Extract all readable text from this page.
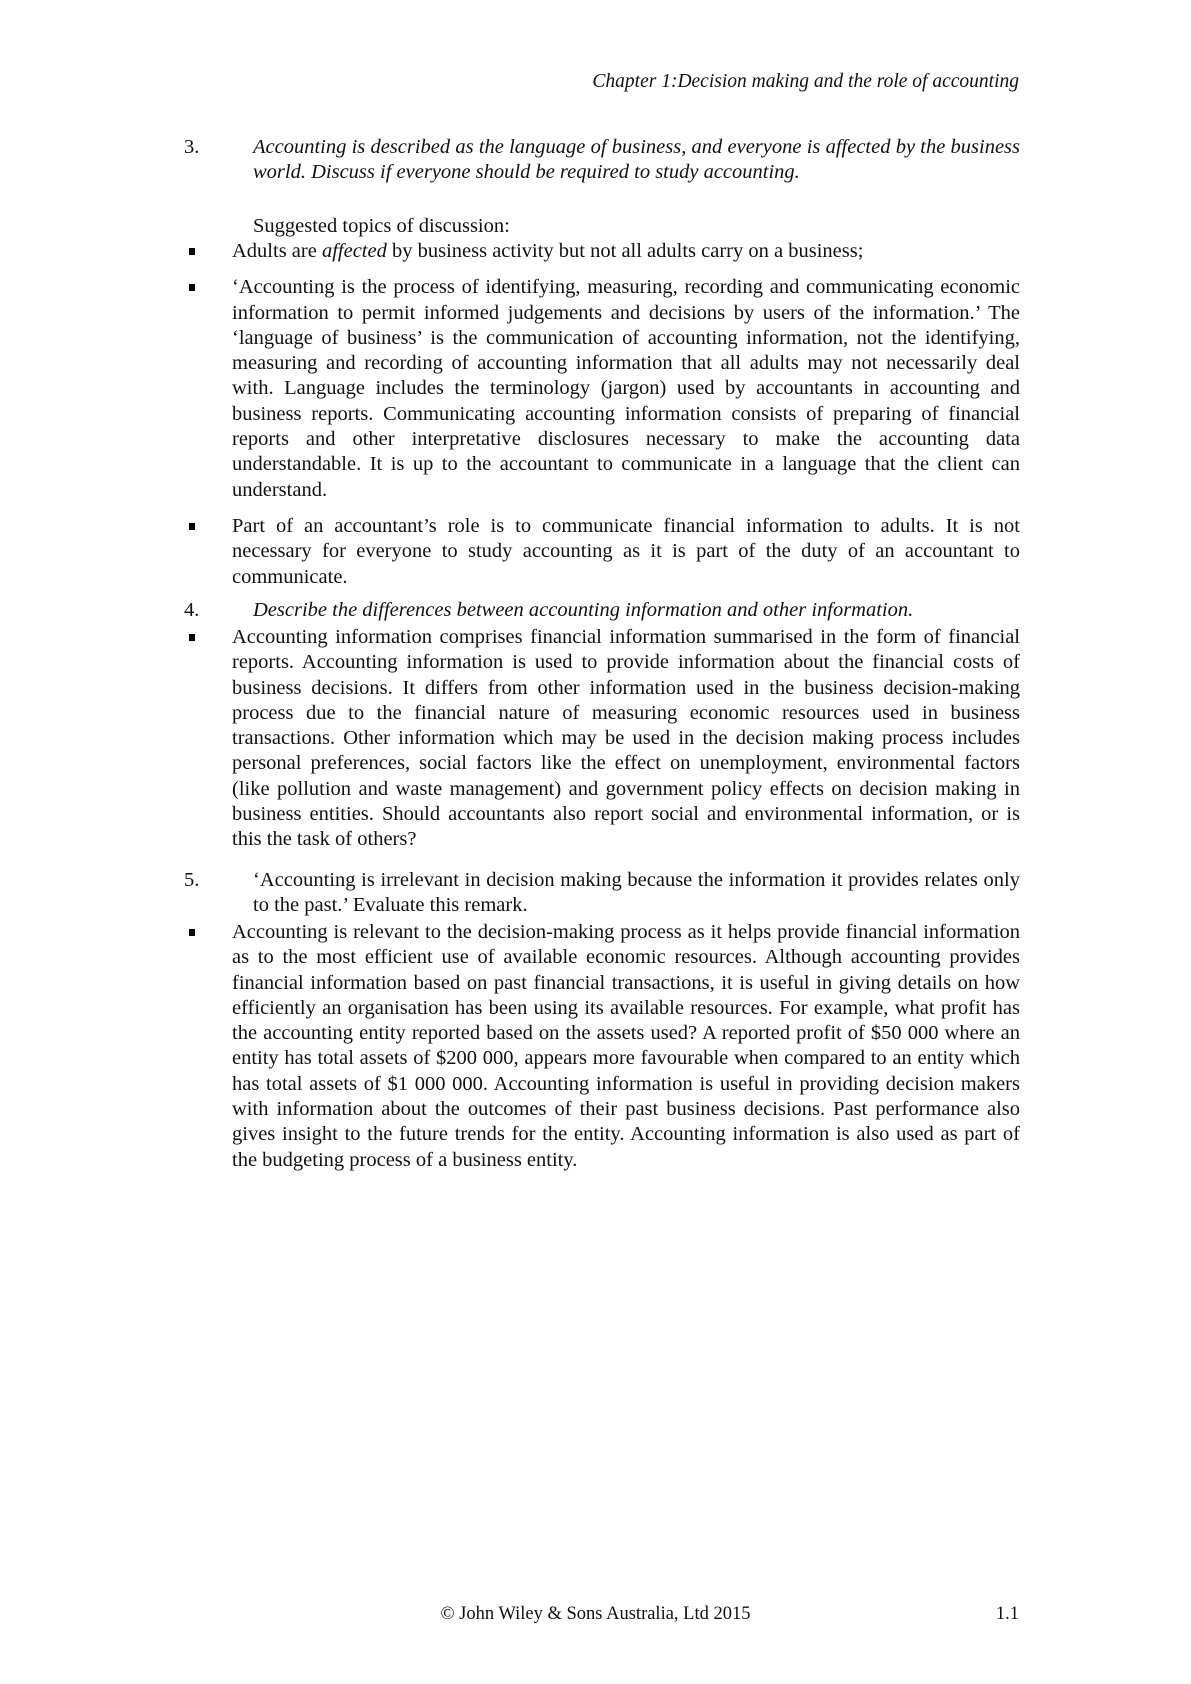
Chapter 1:Decision making and the role of accounting
3.	Accounting is described as the language of business, and everyone is affected by the business world. Discuss if everyone should be required to study accounting.
Suggested topics of discussion:
Adults are affected by business activity but not all adults carry on a business;
‘Accounting is the process of identifying, measuring, recording and communicating economic information to permit informed judgements and decisions by users of the information.’ The ‘language of business’ is the communication of accounting information, not the identifying, measuring and recording of accounting information that all adults may not necessarily deal with. Language includes the terminology (jargon) used by accountants in accounting and business reports. Communicating accounting information consists of preparing of financial reports and other interpretative disclosures necessary to make the accounting data understandable. It is up to the accountant to communicate in a language that the client can understand.
Part of an accountant’s role is to communicate financial information to adults. It is not necessary for everyone to study accounting as it is part of the duty of an accountant to communicate.
4.	Describe the differences between accounting information and other information.
Accounting information comprises financial information summarised in the form of financial reports. Accounting information is used to provide information about the financial costs of business decisions. It differs from other information used in the business decision-making process due to the financial nature of measuring economic resources used in business transactions. Other information which may be used in the decision making process includes personal preferences, social factors like the effect on unemployment, environmental factors (like pollution and waste management) and government policy effects on decision making in business entities. Should accountants also report social and environmental information, or is this the task of others?
5.	‘Accounting is irrelevant in decision making because the information it provides relates only to the past.’ Evaluate this remark.
Accounting is relevant to the decision-making process as it helps provide financial information as to the most efficient use of available economic resources. Although accounting provides financial information based on past financial transactions, it is useful in giving details on how efficiently an organisation has been using its available resources. For example, what profit has the accounting entity reported based on the assets used? A reported profit of $50 000 where an entity has total assets of $200 000, appears more favourable when compared to an entity which has total assets of $1 000 000. Accounting information is useful in providing decision makers with information about the outcomes of their past business decisions. Past performance also gives insight to the future trends for the entity. Accounting information is also used as part of the budgeting process of a business entity.
© John Wiley & Sons Australia, Ltd 2015	1.1
